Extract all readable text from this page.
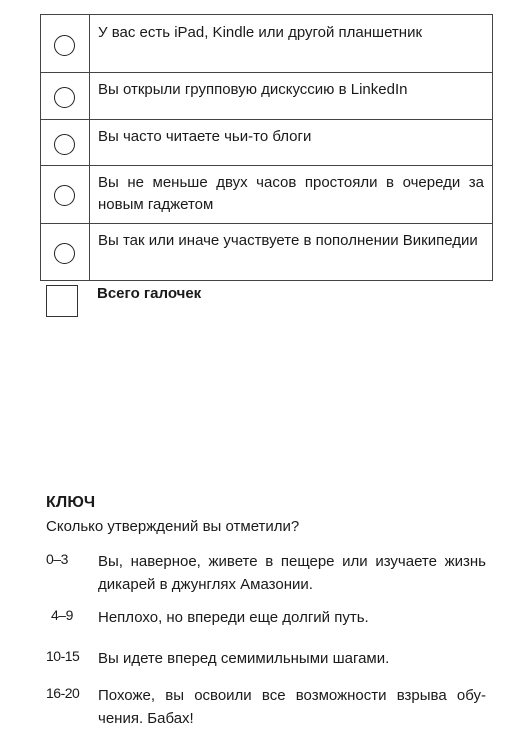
У вас есть iPad, Kindle или другой планшетник
Вы открыли групповую дискуссию в LinkedIn
Вы часто читаете чьи-то блоги
Вы не меньше двух часов простояли в очереди за новым гаджетом
Вы так или иначе участвуете в пополнении Википедии
Всего галочек
КЛЮЧ
Сколько утверждений вы отметили?
0–3 Вы, наверное, живете в пещере или изучаете жизнь дикарей в джунглях Амазонии.
4–9 Неплохо, но впереди еще долгий путь.
10-15 Вы идете вперед семимильными шагами.
16-20 Похоже, вы освоили все возможности взрыва обучения. Бабах!
